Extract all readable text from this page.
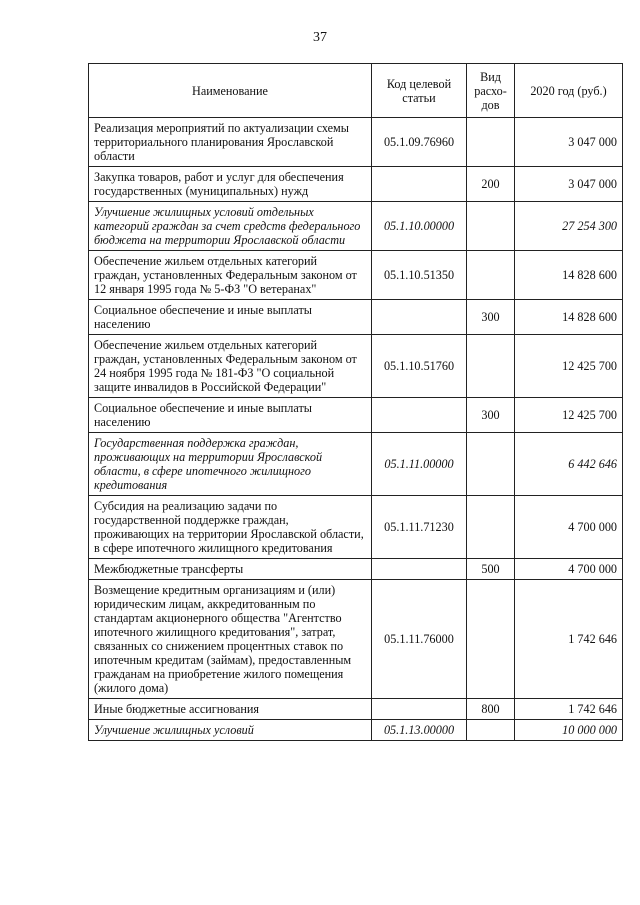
37
Наименование	Код целевой статьи	Вид расхо-дов	2020 год (руб.)
Реализация мероприятий по актуализации схемы территориального планирования Ярославской области	05.1.09.76960		3 047 000
Закупка товаров, работ и услуг для обеспечения государственных (муниципальных) нужд		200	3 047 000
Улучшение жилищных условий отдельных категорий граждан за счет средств федерального бюджета на территории Ярославской области	05.1.10.00000		27 254 300
Обеспечение жильем отдельных категорий граждан, установленных Федеральным законом от 12 января 1995 года № 5-ФЗ "О ветеранах"	05.1.10.51350		14 828 600
Социальное обеспечение и иные выплаты населению		300	14 828 600
Обеспечение жильем отдельных категорий граждан, установленных Федеральным законом от 24 ноября 1995 года № 181-ФЗ "О социальной защите инвалидов в Российской Федерации"	05.1.10.51760		12 425 700
Социальное обеспечение и иные выплаты населению		300	12 425 700
Государственная поддержка граждан, проживающих на территории Ярославской области, в сфере ипотечного жилищного кредитования	05.1.11.00000		6 442 646
Субсидия на реализацию задачи по государственной поддержке граждан, проживающих на территории Ярославской области, в сфере ипотечного жилищного кредитования	05.1.11.71230		4 700 000
Межбюджетные трансферты		500	4 700 000
Возмещение кредитным организациям и (или) юридическим лицам, аккредитованным по стандартам акционерного общества "Агентство ипотечного жилищного кредитования", затрат, связанных со снижением процентных ставок по ипотечным кредитам (займам), предоставленным гражданам на приобретение жилого помещения (жилого дома)	05.1.11.76000		1 742 646
Иные бюджетные ассигнования		800	1 742 646
Улучшение жилищных условий	05.1.13.00000		10 000 000
